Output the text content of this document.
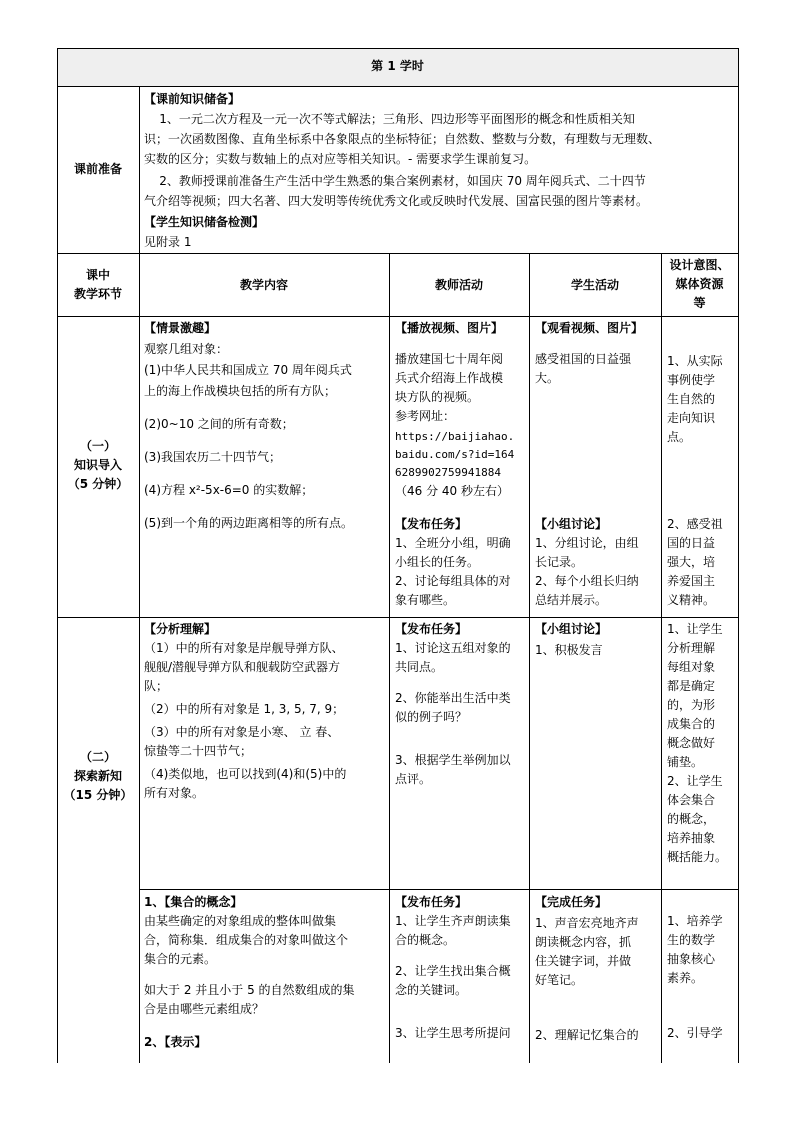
第 1 学时
课前准备
【课前知识储备】
1、一元二次方程及一元一次不等式解法；三角形、四边形等平面图形的概念和性质相关知
识；一次函数图像、直角坐标系中各象限点的坐标特征；自然数、整数与分数，有理数与无理数、
实数的区分；实数与数轴上的点对应等相关知识。- 需要求学生课前复习。
2、教师授课前准备生产生活中学生熟悉的集合案例素材，如国庆 70 周年阅兵式、二十四节
气介绍等视频；四大名著、四大发明等传统优秀文化或反映时代发展、国富民强的图片等素材。
【学生知识储备检测】
见附录 1
课中
教学环节
教学内容	教师活动	学生活动
设计意图、
媒体资源
等
（一）
知识导入
（5 分钟）
【情景激趣】
观察几组对象：
(1)中华人民共和国成立 70 周年阅兵式
上的海上作战模块包括的所有方队；
(2)0~10 之间的所有奇数；
(3)我国农历二十四节气；
(4)方程 x²-5x-6=0 的实数解；
(5)到一个角的两边距离相等的所有点。
【播放视频、图片】
播放建国七十周年阅
兵式介绍海上作战模
块方队的视频。
参考网址：
https://baijiahao.
baidu.com/s?id=164
6289902759941884
（46 分 40 秒左右）
【发布任务】
1、全班分小组，明确
小组长的任务。
2、讨论每组具体的对
象有哪些。
【观看视频、图片】
感受祖国的日益强
大。
【小组讨论】
1、分组讨论，由组
长记录。
2、每个小组长归纳
总结并展示。
1、从实际
事例使学
生自然的
走向知识
点。
2、感受祖
国的日益
强大，培
养爱国主
义精神。
（二）
探索新知
（15 分钟）
【分析理解】
（1）中的所有对象是岸舰导弹方队、
舰舰/潜舰导弹方队和舰载防空武器方
队；
（2）中的所有对象是 1, 3, 5, 7, 9；
（3）中的所有对象是小寒、 立 春、
惊蛰等二十四节气；
（4)类似地，也可以找到(4)和(5)中的
所有对象。
【发布任务】
1、讨论这五组对象的
共同点。
2、你能举出生活中类
似的例子吗？
3、根据学生举例加以
点评。
【小组讨论】
1、积极发言
1、让学生
分析理解
每组对象
都是确定
的，为形
成集合的
概念做好
铺垫。
2、让学生
体会集合
的概念，
培养抽象
概括能力。
1、【集合的概念】
由某些确定的对象组成的整体叫做集
合，简称集．组成集合的对象叫做这个
集合的元素。
如大于 2 并且小于 5 的自然数组成的集
合是由哪些元素组成？
2、【表示】
【发布任务】
1、让学生齐声朗读集
合的概念。
2、让学生找出集合概
念的关键词。
3、让学生思考所提问
【完成任务】
1、声音宏亮地齐声
朗读概念内容，抓
住关键字词，并做
好笔记。
2、理解记忆集合的
1、培养学
生的数学
抽象核心
素养。
2、引导学
